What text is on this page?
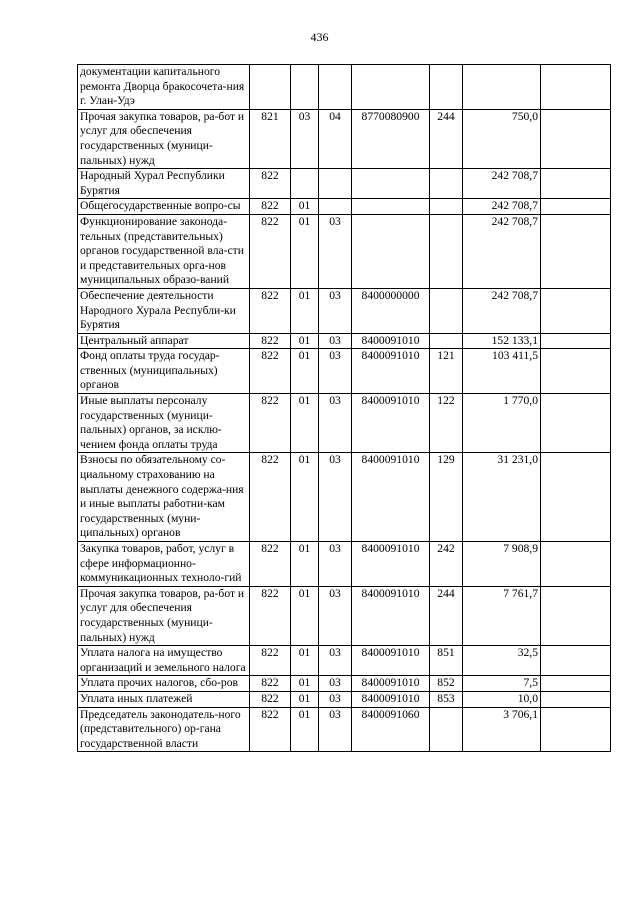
436
документации капитального ремонта Дворца бракосочета-ния г. Улан-Удэ							
Прочая закупка товаров, ра-бот и услуг для обеспечения государственных (муници-пальных) нужд	821	03	04	8770080900	244	750,0	
Народный Хурал Республики Бурятия	822					242 708,7	
Общегосударственные вопро-сы	822	01				242 708,7	
Функционирование законода-тельных (представительных) органов государственной вла-сти и представительных орга-нов муниципальных образо-ваний	822	01	03			242 708,7	
Обеспечение деятельности Народного Хурала Республи-ки Бурятия	822	01	03	8400000000		242 708,7	
Центральный аппарат	822	01	03	8400091010		152 133,1	
Фонд оплаты труда государ-ственных (муниципальных) органов	822	01	03	8400091010	121	103 411,5	
Иные выплаты персоналу государственных (муници-пальных) органов, за исклю-чением фонда оплаты труда	822	01	03	8400091010	122	1 770,0	
Взносы по обязательному со-циальному страхованию на выплаты денежного содержа-ния и иные выплаты работни-кам государственных (муни-ципальных) органов	822	01	03	8400091010	129	31 231,0	
Закупка товаров, работ, услуг в сфере информационно-коммуникационных техноло-гий	822	01	03	8400091010	242	7 908,9	
Прочая закупка товаров, ра-бот и услуг для обеспечения государственных (муници-пальных) нужд	822	01	03	8400091010	244	7 761,7	
Уплата налога на имущество организаций и земельного налога	822	01	03	8400091010	851	32,5	
Уплата прочих налогов, сбо-ров	822	01	03	8400091010	852	7,5	
Уплата иных платежей	822	01	03	8400091010	853	10,0	
Председатель законодатель-ного (представительного) ор-гана государственной власти	822	01	03	8400091060		3 706,1	
